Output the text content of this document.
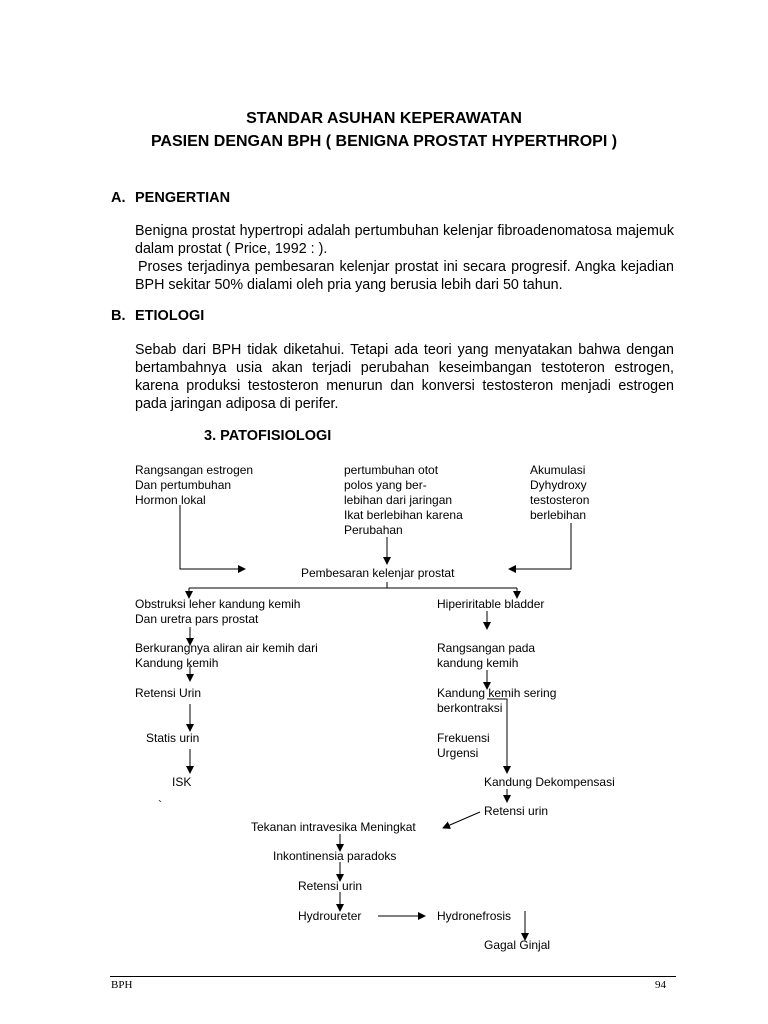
STANDAR ASUHAN KEPERAWATAN
PASIEN DENGAN BPH ( BENIGNA PROSTAT HYPERTHROPI )
A. PENGERTIAN

Benigna prostat hypertropi adalah pertumbuhan kelenjar fibroadenomatosa majemuk dalam prostat ( Price, 1992 : ).

Proses terjadinya pembesaran kelenjar prostat ini secara progresif. Angka kejadian BPH sekitar 50% dialami oleh pria yang berusia lebih dari 50 tahun.

B. ETIOLOGI

Sebab dari BPH tidak diketahui. Tetapi ada teori yang menyatakan bahwa dengan bertambahnya usia akan terjadi perubahan keseimbangan testoteron estrogen, karena produksi testosteron menurun dan konversi testosteron menjadi estrogen pada jaringan adiposa di perifer.

3. PATOFISIOLOGI
Rangsangan estrogen
Dan pertumbuhan
Hormon lokal
pertumbuhan otot
polos yang ber-
lebihan dari jaringan
Ikat berlebihan karena
Perubahan
Akumulasi
Dyhydroxy
testosteron
berlebihan
Pembesaran kelenjar prostat
Obstruksi leher kandung kemih
Dan uretra pars prostat
Hiperiritable bladder
Berkurangnya aliran air kemih dari
Kandung kemih
Rangsangan pada
kandung kemih
Retensi Urin	Kandung kemih sering
berkontraksi
Statis urin	Frekuensi
Urgensi
ISK	Kandung Dekompensasi
`	Retensi urin
Tekanan intravesika Meningkat
Inkontinensia paradoks
Retensi urin
Hydroureter	Hydronefrosis
Gagal Ginjal
BPH	94
